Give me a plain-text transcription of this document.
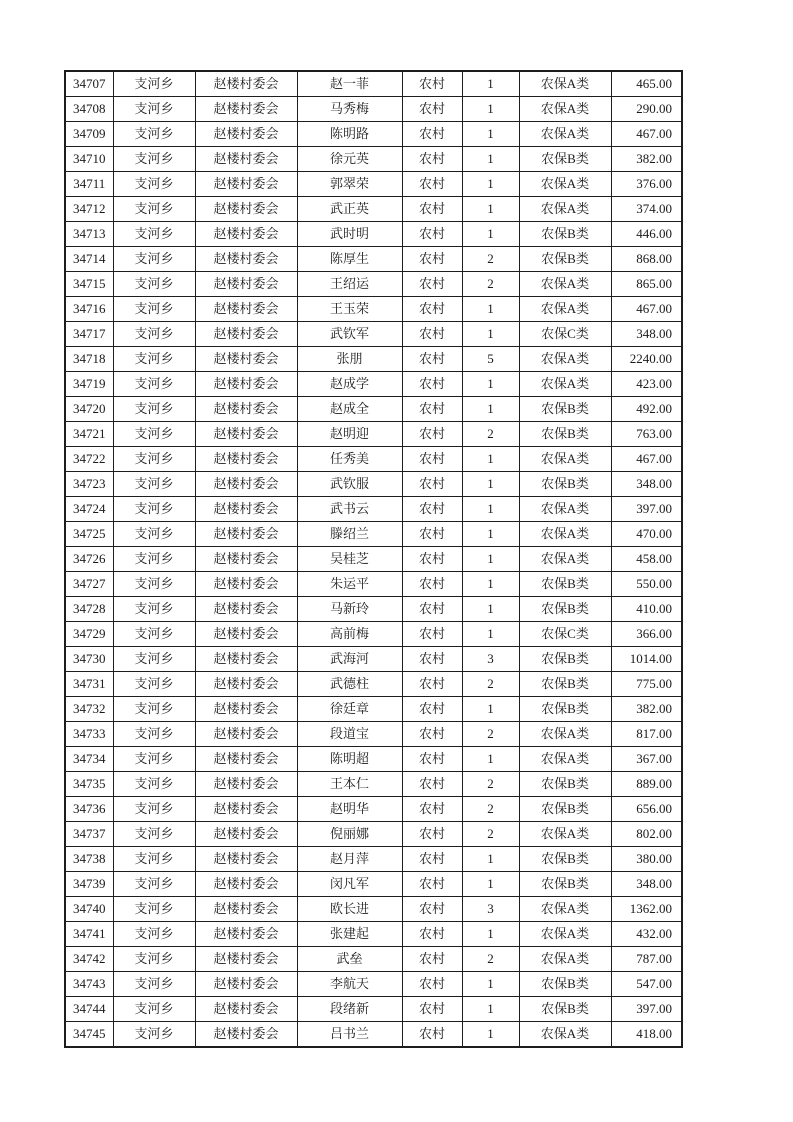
34707	支河乡	赵楼村委会	赵一菲	农村	1	农保A类	465.00
34708	支河乡	赵楼村委会	马秀梅	农村	1	农保A类	290.00
34709	支河乡	赵楼村委会	陈明路	农村	1	农保A类	467.00
34710	支河乡	赵楼村委会	徐元英	农村	1	农保B类	382.00
34711	支河乡	赵楼村委会	郭翠荣	农村	1	农保A类	376.00
34712	支河乡	赵楼村委会	武正英	农村	1	农保A类	374.00
34713	支河乡	赵楼村委会	武时明	农村	1	农保B类	446.00
34714	支河乡	赵楼村委会	陈厚生	农村	2	农保B类	868.00
34715	支河乡	赵楼村委会	王绍运	农村	2	农保A类	865.00
34716	支河乡	赵楼村委会	王玉荣	农村	1	农保A类	467.00
34717	支河乡	赵楼村委会	武钦军	农村	1	农保C类	348.00
34718	支河乡	赵楼村委会	张朋	农村	5	农保A类	2240.00
34719	支河乡	赵楼村委会	赵成学	农村	1	农保A类	423.00
34720	支河乡	赵楼村委会	赵成全	农村	1	农保B类	492.00
34721	支河乡	赵楼村委会	赵明迎	农村	2	农保B类	763.00
34722	支河乡	赵楼村委会	任秀美	农村	1	农保A类	467.00
34723	支河乡	赵楼村委会	武钦服	农村	1	农保B类	348.00
34724	支河乡	赵楼村委会	武书云	农村	1	农保A类	397.00
34725	支河乡	赵楼村委会	滕绍兰	农村	1	农保A类	470.00
34726	支河乡	赵楼村委会	吴桂芝	农村	1	农保A类	458.00
34727	支河乡	赵楼村委会	朱运平	农村	1	农保B类	550.00
34728	支河乡	赵楼村委会	马新玲	农村	1	农保B类	410.00
34729	支河乡	赵楼村委会	高前梅	农村	1	农保C类	366.00
34730	支河乡	赵楼村委会	武海河	农村	3	农保B类	1014.00
34731	支河乡	赵楼村委会	武德柱	农村	2	农保B类	775.00
34732	支河乡	赵楼村委会	徐廷章	农村	1	农保B类	382.00
34733	支河乡	赵楼村委会	段道宝	农村	2	农保A类	817.00
34734	支河乡	赵楼村委会	陈明超	农村	1	农保A类	367.00
34735	支河乡	赵楼村委会	王本仁	农村	2	农保B类	889.00
34736	支河乡	赵楼村委会	赵明华	农村	2	农保B类	656.00
34737	支河乡	赵楼村委会	倪丽娜	农村	2	农保A类	802.00
34738	支河乡	赵楼村委会	赵月萍	农村	1	农保B类	380.00
34739	支河乡	赵楼村委会	闵凡军	农村	1	农保B类	348.00
34740	支河乡	赵楼村委会	欧长进	农村	3	农保A类	1362.00
34741	支河乡	赵楼村委会	张建起	农村	1	农保A类	432.00
34742	支河乡	赵楼村委会	武垒	农村	2	农保A类	787.00
34743	支河乡	赵楼村委会	李航天	农村	1	农保B类	547.00
34744	支河乡	赵楼村委会	段绪新	农村	1	农保B类	397.00
34745	支河乡	赵楼村委会	吕书兰	农村	1	农保A类	418.00
